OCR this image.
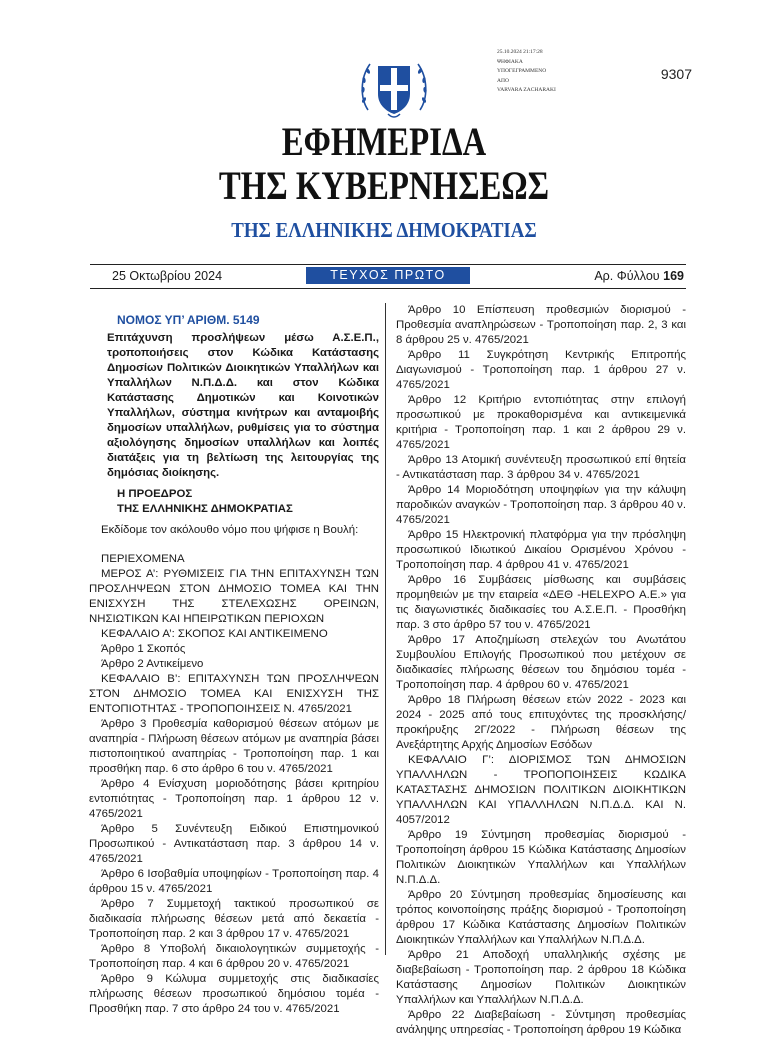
25.10.2024 21:17:28
ΨΗΦΙΑΚΑ
ΥΠΟΓΕΓΡΑΜΜΕΝΟ
ΑΠΟ
VARVARA ZACHARAKI
9307
ΕΦΗΜΕΡΙΔΑ
ΤΗΣ ΚΥΒΕΡΝΗΣΕΩΣ
ΤΗΣ ΕΛΛΗΝΙΚΗΣ ΔΗΜΟΚΡΑΤΙΑΣ
25 Οκτωβρίου 2024	ΤΕΥΧΟΣ ΠΡΩΤΟ	Αρ. Φύλλου 169

ΝΟΜΟΣ ΥΠ’ ΑΡΙΘΜ. 5149

Επιτάχυνση προσλήψεων μέσω Α.Σ.Ε.Π., τροποποιήσεις στον Κώδικα Κατάστασης Δημοσίων Πολιτικών Διοικητικών Υπαλλήλων και Υπαλλήλων Ν.Π.Δ.Δ. και στον Κώδικα Κατάστασης Δημοτικών και Κοινοτικών Υπαλλήλων, σύστημα κινήτρων και ανταμοιβής δημοσίων υπαλλήλων, ρυθμίσεις για το σύστημα αξιολόγησης δημοσίων υπαλλήλων και λοιπές διατάξεις για τη βελτίωση της λειτουργίας της δημόσιας διοίκησης.

Η ΠΡΟΕΔΡΟΣ

ΤΗΣ ΕΛΛΗΝΙΚΗΣ ΔΗΜΟΚΡΑΤΙΑΣ

Εκδίδομε τον ακόλουθο νόμο που ψήφισε η Βουλή:

ΠΕΡΙΕΧΟΜΕΝΑ

ΜΕΡΟΣ Α’: ΡΥΘΜΙΣΕΙΣ ΓΙΑ ΤΗΝ ΕΠΙΤΑΧΥΝΣΗ ΤΩΝ ΠΡΟΣΛΗΨΕΩΝ ΣΤΟΝ ΔΗΜΟΣΙΟ ΤΟΜΕΑ ΚΑΙ ΤΗΝ ΕΝΙΣΧΥΣΗ ΤΗΣ ΣΤΕΛΕΧΩΣΗΣ ΟΡΕΙΝΩΝ, ΝΗΣΙΩΤΙΚΩΝ ΚΑΙ ΗΠΕΙΡΩΤΙΚΩΝ ΠΕΡΙΟΧΩΝ

ΚΕΦΑΛΑΙΟ Α’: ΣΚΟΠΟΣ ΚΑΙ ΑΝΤΙΚΕΙΜΕΝΟ

Άρθρο 1 Σκοπός

Άρθρο 2 Αντικείμενο

ΚΕΦΑΛΑΙΟ Β’: ΕΠΙΤΑΧΥΝΣΗ ΤΩΝ ΠΡΟΣΛΗΨΕΩΝ ΣΤΟΝ ΔΗΜΟΣΙΟ ΤΟΜΕΑ ΚΑΙ ΕΝΙΣΧΥΣΗ ΤΗΣ ΕΝΤΟΠΙΟΤΗΤΑΣ - ΤΡΟΠΟΠΟΙΗΣΕΙΣ Ν. 4765/2021

Άρθρο 3 Προθεσμία καθορισμού θέσεων ατόμων με αναπηρία - Πλήρωση θέσεων ατόμων με αναπηρία βάσει πιστοποιητικού αναπηρίας - Τροποποίηση παρ. 1 και προσθήκη παρ. 6 στο άρθρο 6 του ν. 4765/2021

Άρθρο 4 Ενίσχυση μοριοδότησης βάσει κριτηρίου εντοπιότητας - Τροποποίηση παρ. 1 άρθρου 12 ν. 4765/2021

Άρθρο 5 Συνέντευξη Ειδικού Επιστημονικού Προσωπικού - Αντικατάσταση παρ. 3 άρθρου 14 ν. 4765/2021

Άρθρο 6 Ισοβαθμία υποψηφίων - Τροποποίηση παρ. 4 άρθρου 15 ν. 4765/2021

Άρθρο 7 Συμμετοχή τακτικού προσωπικού σε διαδικασία πλήρωσης θέσεων μετά από δεκαετία - Τροποποίηση παρ. 2 και 3 άρθρου 17 ν. 4765/2021

Άρθρο 8 Υποβολή δικαιολογητικών συμμετοχής - Τροποποίηση παρ. 4 και 6 άρθρου 20 ν. 4765/2021

Άρθρο 9 Κώλυμα συμμετοχής στις διαδικασίες πλήρωσης θέσεων προσωπικού δημόσιου τομέα - Προσθήκη παρ. 7 στο άρθρο 24 του ν. 4765/2021

Άρθρο 10 Επίσπευση προθεσμιών διορισμού - Προθεσμία αναπληρώσεων - Τροποποίηση παρ. 2, 3 και 8 άρθρου 25 ν. 4765/2021

Άρθρο 11 Συγκρότηση Κεντρικής Επιτροπής Διαγωνισμού - Τροποποίηση παρ. 1 άρθρου 27 ν. 4765/2021

Άρθρο 12 Κριτήριο εντοπιότητας στην επιλογή προσωπικού με προκαθορισμένα και αντικειμενικά κριτήρια - Τροποποίηση παρ. 1 και 2 άρθρου 29 ν. 4765/2021

Άρθρο 13 Ατομική συνέντευξη προσωπικού επί θητεία - Αντικατάσταση παρ. 3 άρθρου 34 ν. 4765/2021

Άρθρο 14 Μοριοδότηση υποψηφίων για την κάλυψη παροδικών αναγκών - Τροποποίηση παρ. 3 άρθρου 40 ν. 4765/2021

Άρθρο 15 Ηλεκτρονική πλατφόρμα για την πρόσληψη προσωπικού Ιδιωτικού Δικαίου Ορισμένου Χρόνου - Τροποποίηση παρ. 4 άρθρου 41 ν. 4765/2021

Άρθρο 16 Συμβάσεις μίσθωσης και συμβάσεις προμηθειών με την εταιρεία «ΔΕΘ -HELEXPO Α.Ε.» για τις διαγωνιστικές διαδικασίες του Α.Σ.Ε.Π. - Προσθήκη παρ. 3 στο άρθρο 57 του ν. 4765/2021

Άρθρο 17 Αποζημίωση στελεχών του Ανωτάτου Συμβουλίου Επιλογής Προσωπικού που μετέχουν σε διαδικασίες πλήρωσης θέσεων του δημόσιου τομέα - Τροποποίηση παρ. 4 άρθρου 60 ν. 4765/2021

Άρθρο 18 Πλήρωση θέσεων ετών 2022 - 2023 και 2024 - 2025 από τους επιτυχόντες της προσκλήσης/προκήρυξης 2Γ/2022 - Πλήρωση θέσεων της Ανεξάρτητης Αρχής Δημοσίων Εσόδων

ΚΕΦΑΛΑΙΟ Γ’: ΔΙΟΡΙΣΜΟΣ ΤΩΝ ΔΗΜΟΣΙΩΝ ΥΠΑΛΛΗΛΩΝ - ΤΡΟΠΟΠΟΙΗΣΕΙΣ ΚΩΔΙΚΑ ΚΑΤΑΣΤΑΣΗΣ ΔΗΜΟΣΙΩΝ ΠΟΛΙΤΙΚΩΝ ΔΙΟΙΚΗΤΙΚΩΝ ΥΠΑΛΛΗΛΩΝ ΚΑΙ ΥΠΑΛΛΗΛΩΝ Ν.Π.Δ.Δ. ΚΑΙ Ν. 4057/2012

Άρθρο 19 Σύντμηση προθεσμίας διορισμού - Τροποποίηση άρθρου 15 Κώδικα Κατάστασης Δημοσίων Πολιτικών Διοικητικών Υπαλλήλων και Υπαλλήλων Ν.Π.Δ.Δ.

Άρθρο 20 Σύντμηση προθεσμίας δημοσίευσης και τρόπος κοινοποίησης πράξης διορισμού - Τροποποίηση άρθρου 17 Κώδικα Κατάστασης Δημοσίων Πολιτικών Διοικητικών Υπαλλήλων και Υπαλλήλων Ν.Π.Δ.Δ.

Άρθρο 21 Αποδοχή υπαλληλικής σχέσης με διαβεβαίωση - Τροποποίηση παρ. 2 άρθρου 18 Κώδικα Κατάστασης Δημοσίων Πολιτικών Διοικητικών Υπαλλήλων και Υπαλλήλων Ν.Π.Δ.Δ.

Άρθρο 22 Διαβεβαίωση - Σύντμηση προθεσμίας ανάληψης υπηρεσίας - Τροποποίηση άρθρου 19 Κώδικα
